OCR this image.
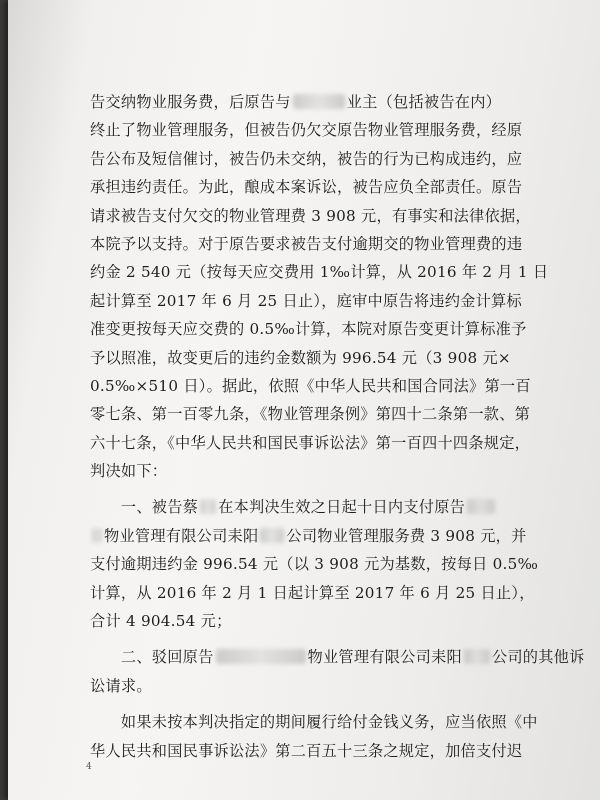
告交纳物业服务费，后原告与	业主（包括被告在内）
终止了物业管理服务，但被告仍欠交原告物业管理服务费，经原
告公布及短信催讨，被告仍未交纳，被告的行为已构成违约，应
承担违约责任。为此，酿成本案诉讼，被告应负全部责任。原告
请求被告支付欠交的物业管理费 3 908 元，有事实和法律依据，
本院予以支持。对于原告要求被告支付逾期交的物业管理费的违
约金 2 540 元（按每天应交费用 1‰计算，从 2016 年 2 月 1 日
起计算至 2017 年 6 月 25 日止），庭审中原告将违约金计算标
准变更按每天应交费的 0.5‰计算，本院对原告变更计算标准予
予以照准，故变更后的违约金数额为 996.54 元（3 908 元×
0.5‰×510 日）。据此，依照《中华人民共和国合同法》第一百
零七条、第一百零九条，《物业管理条例》第四十二条第一款、第
六十七条，《中华人民共和国民事诉讼法》第一百四十四条规定，
判决如下：
　　一、被告蔡 在本判决生效之日起十日内支付原告
物业管理有限公司耒阳 公司物业管理服务费 3 908 元，并
支付逾期违约金 996.54 元（以 3 908 元为基数，按每日 0.5‰
计算，从 2016 年 2 月 1 日起计算至 2017 年 6 月 25 日止），
合计 4 904.54 元；
　　二、驳回原告	物业管理有限公司耒阳 公司的其他诉
讼请求。
　　如果未按本判决指定的期间履行给付金钱义务，应当依照《中
华人民共和国民事诉讼法》第二百五十三条之规定，加倍支付迟
4
